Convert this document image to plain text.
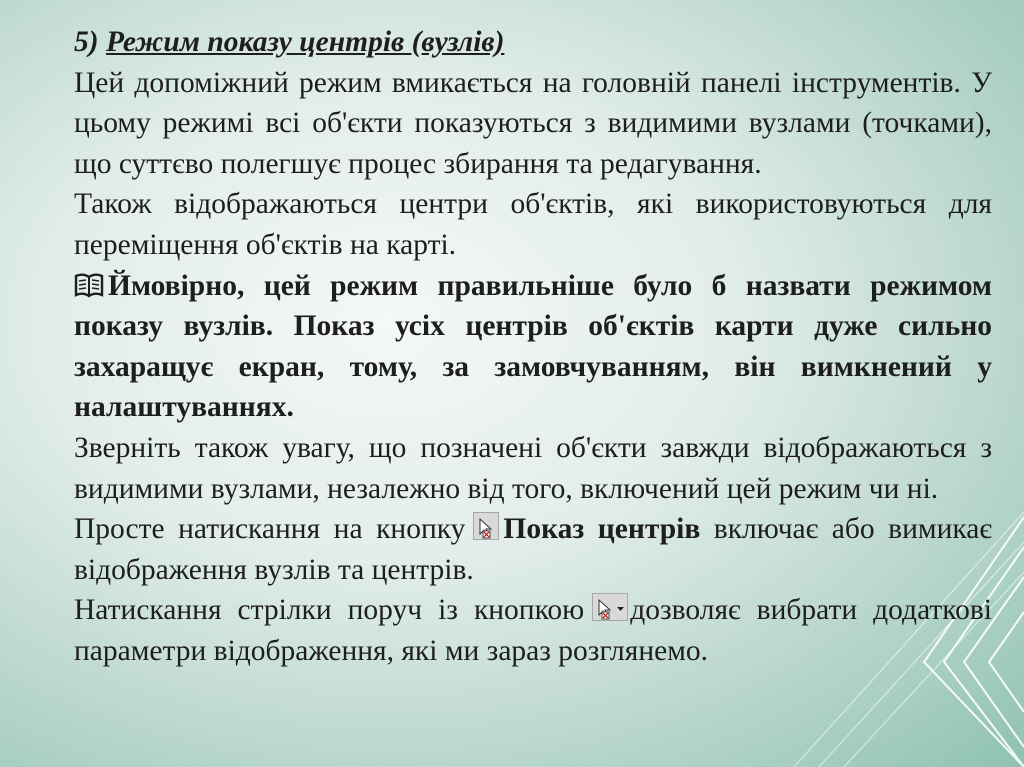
5) Режим показу центрів (вузлів)

Цей допоміжний режим вмикається на головній панелі інструментів. У цьому режимі всі об'єкти показуються з видимими вузлами (точками), що суттєво полегшує процес збирання та редагування.

Також відображаються центри об'єктів, які використовуються для переміщення об'єктів на карті.

Ймовірно, цей режим правильніше було б назвати режимом показу вузлів. Показ усіх центрів об'єктів карти дуже сильно захаращує екран, тому, за замовчуванням, він вимкнений у налаштуваннях.

Зверніть також увагу, що позначені об'єкти завжди відображаються з видимими вузлами, незалежно від того, включений цей режим чи ні.

Просте натискання на кнопку Показ центрів включає або вимикає відображення вузлів та центрів.

Натискання стрілки поруч із кнопкою дозволяє вибрати додаткові параметри відображення, які ми зараз розглянемо.
